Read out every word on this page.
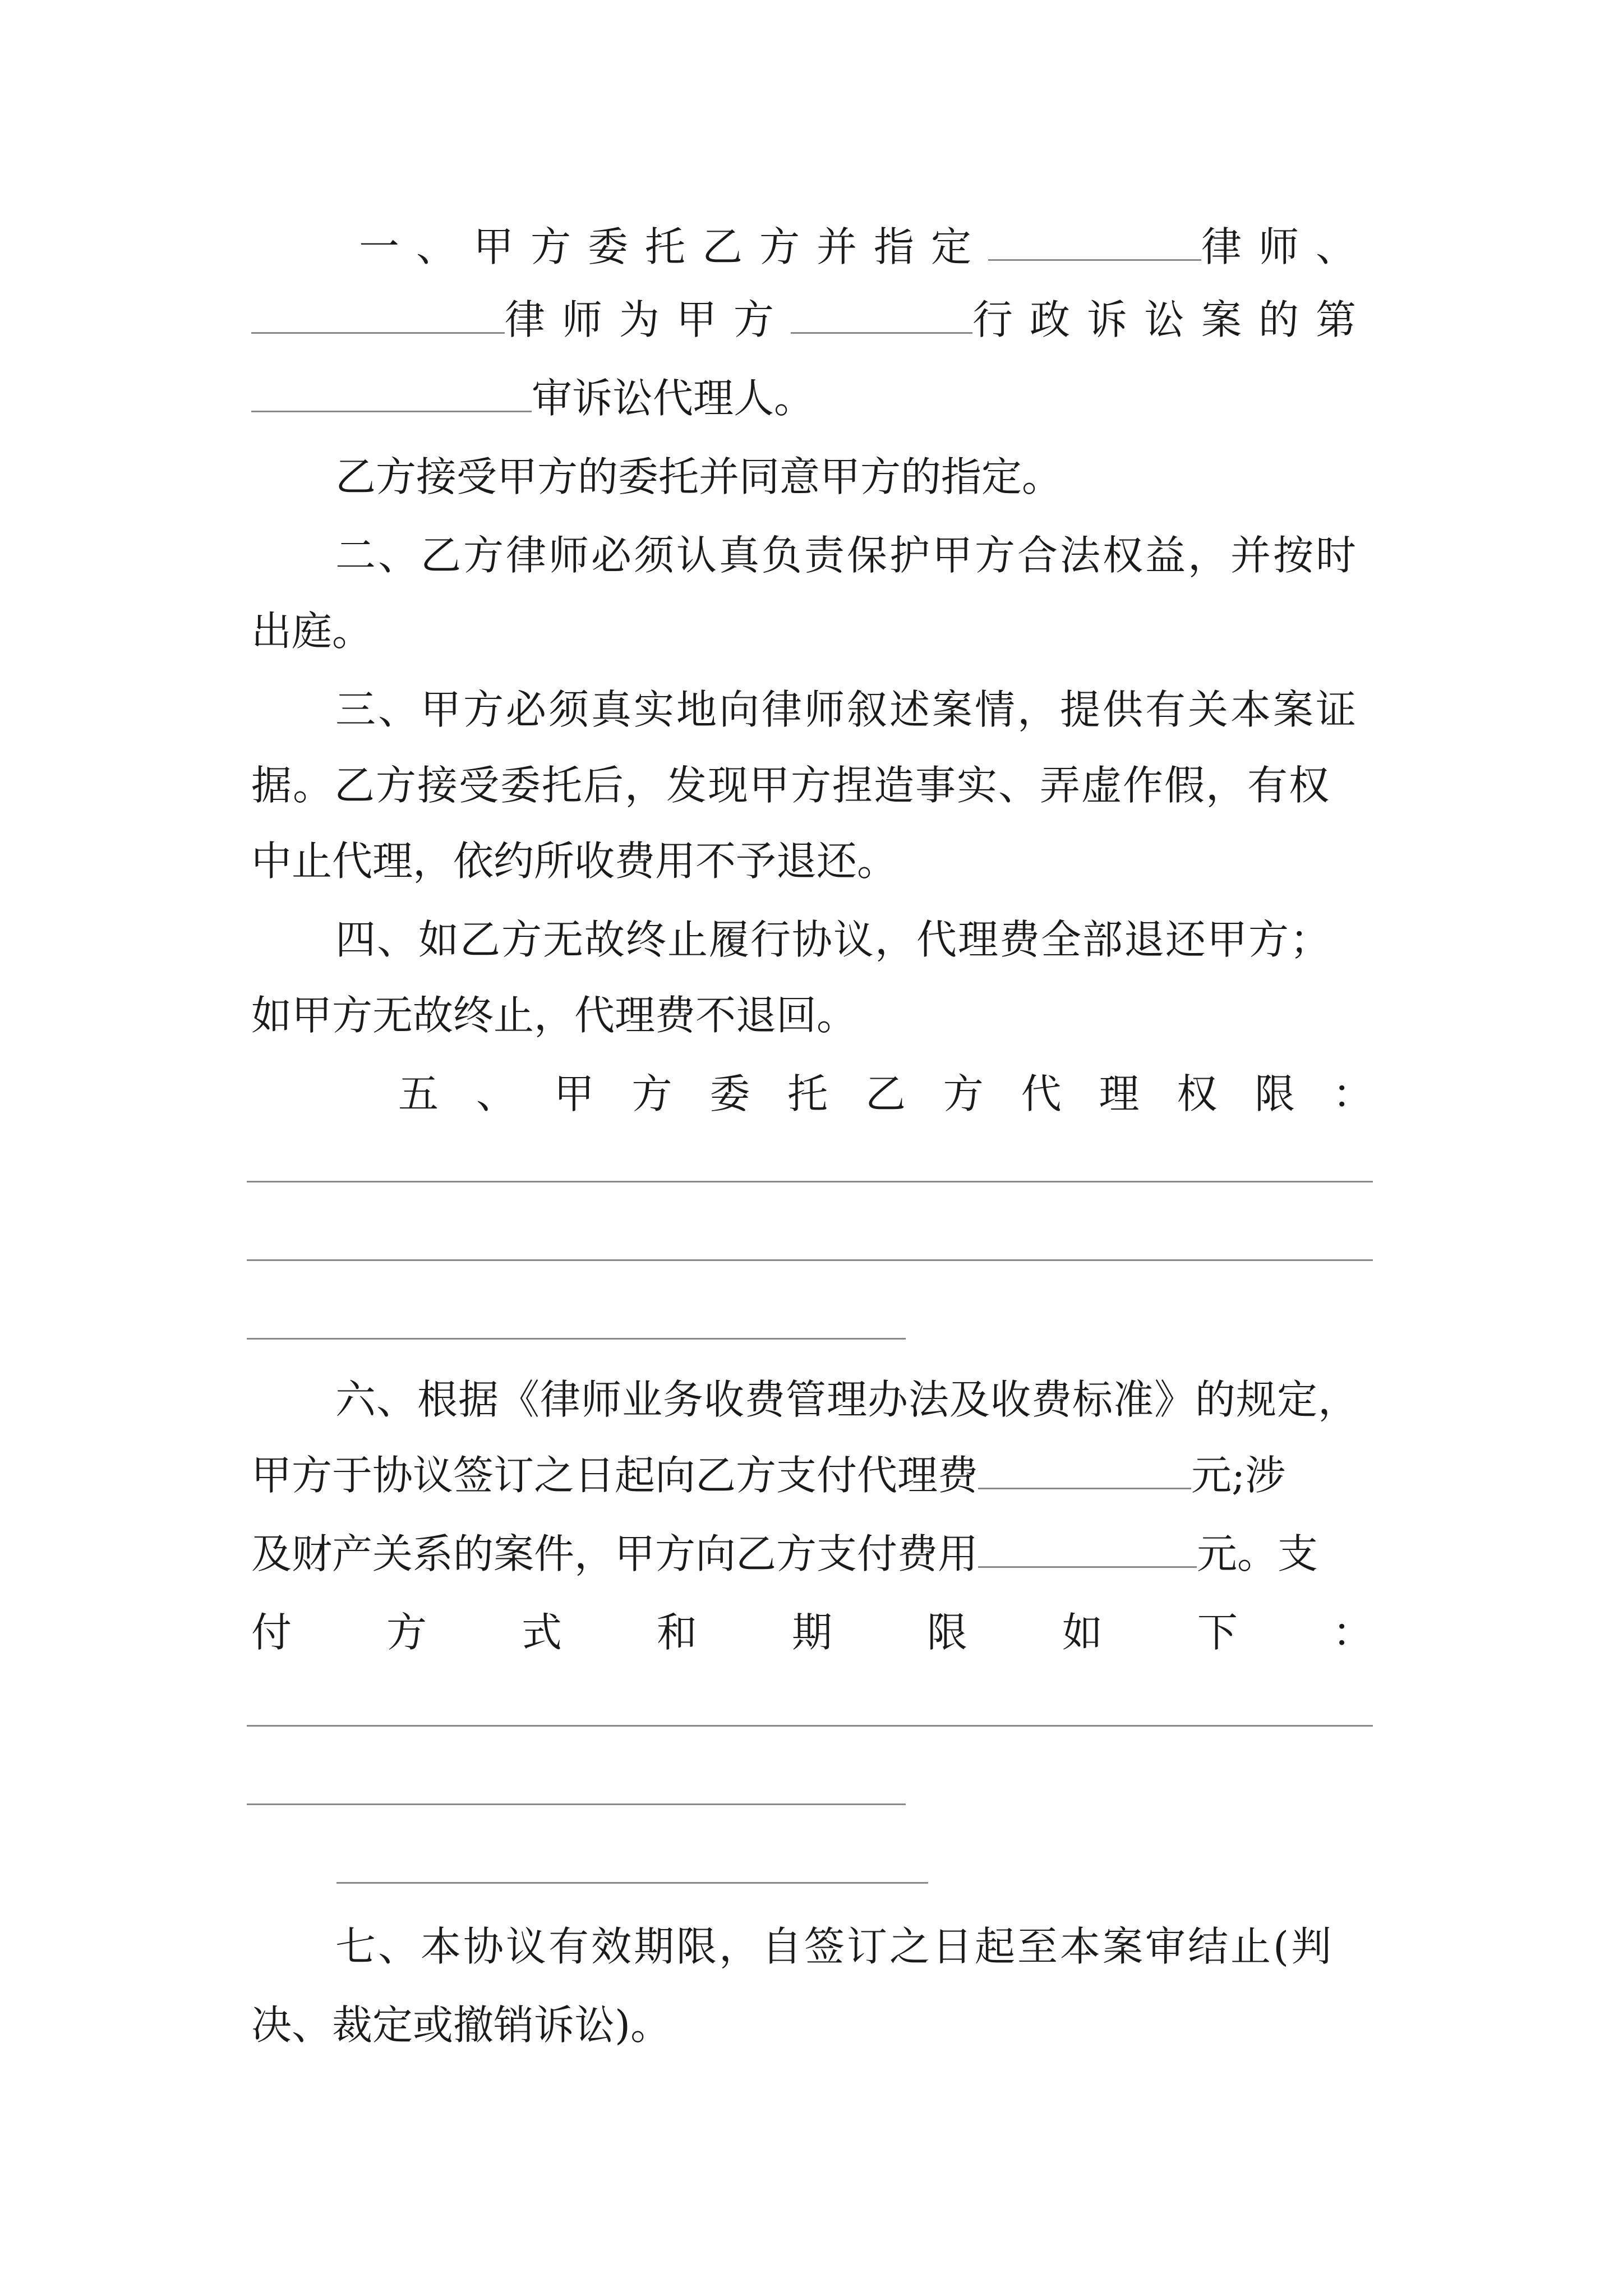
一、甲方委托乙方并指定	律师、
律师为甲方	行政诉讼案的第
审诉讼代理人。
乙方接受甲方的委托并同意甲方的指定。
二、乙方律师必须认真负责保护甲方合法权益，并按时
出庭。
三、甲方必须真实地向律师叙述案情，提供有关本案证
据。乙方接受委托后，发现甲方捏造事实、弄虚作假，有权
中止代理，依约所收费用不予退还。
四、如乙方无故终止履行协议，代理费全部退还甲方；
如甲方无故终止，代理费不退回。
五 、 甲 方 委 托 乙 方 代 理 权 限 ：
六、根据《律师业务收费管理办法及收费标准》的规定，
甲方于协议签订之日起向乙方支付代理费	元;涉
及财产关系的案件，甲方向乙方支付费用	元。支
付 方 式 和 期 限 如 下 ：
七、本协议有效期限，自签订之日起至本案审结止(判
决、裁定或撤销诉讼)。
